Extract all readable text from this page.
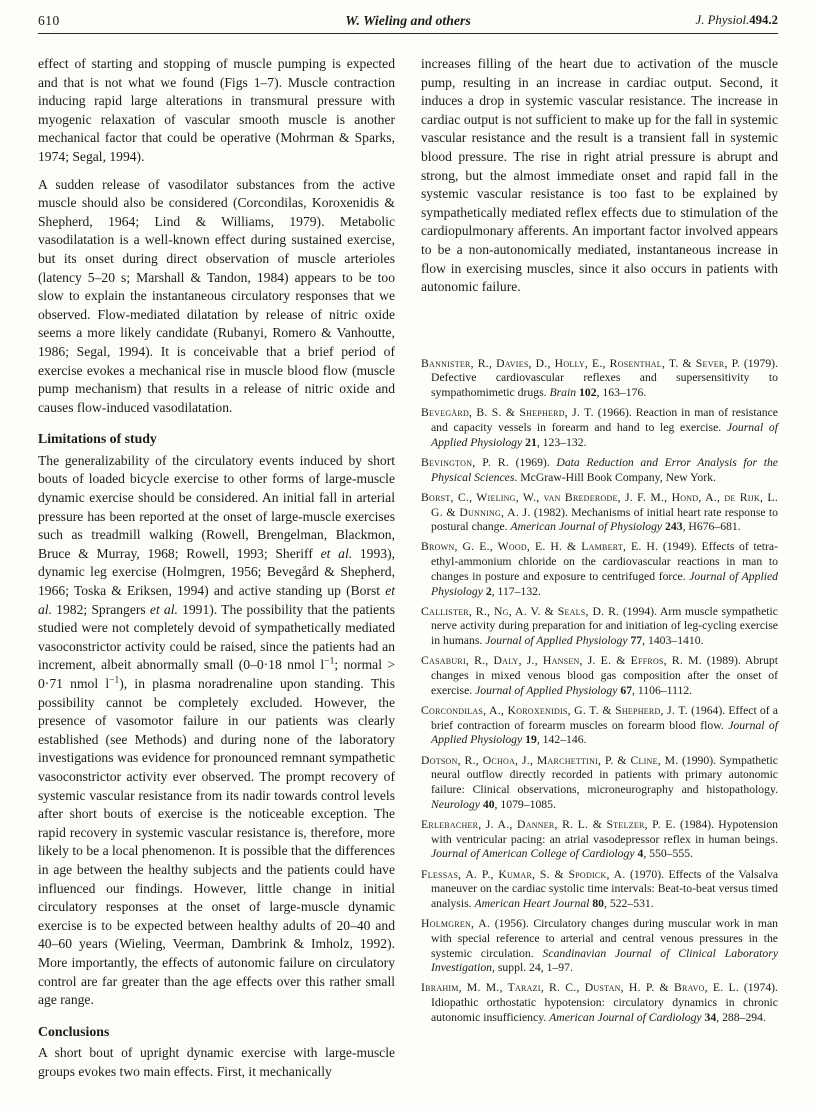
610	W. Wieling and others	J. Physiol.494.2

effect of starting and stopping of muscle pumping is expected and that is not what we found (Figs 1–7). Muscle contraction inducing rapid large alterations in transmural pressure with myogenic relaxation of vascular smooth muscle is another mechanical factor that could be operative (Mohrman & Sparks, 1974; Segal, 1994).

A sudden release of vasodilator substances from the active muscle should also be considered (Corcondilas, Koroxenidis & Shepherd, 1964; Lind & Williams, 1979). Metabolic vasodilatation is a well-known effect during sustained exercise, but its onset during direct observation of muscle arterioles (latency 5–20 s; Marshall & Tandon, 1984) appears to be too slow to explain the instantaneous circulatory responses that we observed. Flow-mediated dilatation by release of nitric oxide seems a more likely candidate (Rubanyi, Romero & Vanhoutte, 1986; Segal, 1994). It is conceivable that a brief period of exercise evokes a mechanical rise in muscle blood flow (muscle pump mechanism) that results in a release of nitric oxide and causes flow-induced vasodilatation.

Limitations of study

The generalizability of the circulatory events induced by short bouts of loaded bicycle exercise to other forms of large-muscle dynamic exercise should be considered. An initial fall in arterial pressure has been reported at the onset of large-muscle exercises such as treadmill walking (Rowell, Brengelman, Blackmon, Bruce & Murray, 1968; Rowell, 1993; Sheriff et al. 1993), dynamic leg exercise (Holmgren, 1956; Bevegård & Shepherd, 1966; Toska & Eriksen, 1994) and active standing up (Borst et al. 1982; Sprangers et al. 1991). The possibility that the patients studied were not completely devoid of sympathetically mediated vasoconstrictor activity could be raised, since the patients had an increment, albeit abnormally small (0–0·18 nmol $l^{-1}$; normal > 0·71 nmol $l^{-1}$), in plasma noradrenaline upon standing. This possibility cannot be completely excluded. However, the presence of vasomotor failure in our patients was clearly established (see Methods) and during none of the laboratory investigations was evidence for pronounced remnant sympathetic vasoconstrictor activity ever observed. The prompt recovery of systemic vascular resistance from its nadir towards control levels after short bouts of exercise is the noticeable exception. The rapid recovery in systemic vascular resistance is, therefore, more likely to be a local phenomenon. It is possible that the differences in age between the healthy subjects and the patients could have influenced our findings. However, little change in initial circulatory responses at the onset of large-muscle dynamic exercise is to be expected between healthy adults of 20–40 and 40–60 years (Wieling, Veerman, Dambrink & Imholz, 1992). More importantly, the effects of autonomic failure on circulatory control are far greater than the age effects over this rather small age range.

Conclusions

A short bout of upright dynamic exercise with large-muscle groups evokes two main effects. First, it mechanically

increases filling of the heart due to activation of the muscle pump, resulting in an increase in cardiac output. Second, it induces a drop in systemic vascular resistance. The increase in cardiac output is not sufficient to make up for the fall in systemic vascular resistance and the result is a transient fall in systemic blood pressure. The rise in right atrial pressure is abrupt and strong, but the almost immediate onset and rapid fall in the systemic vascular resistance is too fast to be explained by sympathetically mediated reflex effects due to stimulation of the cardiopulmonary afferents. An important factor involved appears to be a non-autonomically mediated, instantaneous increase in flow in exercising muscles, since it also occurs in patients with autonomic failure.

Bannister, R., Davies, D., Holly, E., Rosenthal, T. & Sever, P. (1979). Defective cardiovascular reflexes and supersensitivity to sympathomimetic drugs. Brain 102, 163–176.
Bevegård, B. S. & Shepherd, J. T. (1966). Reaction in man of resistance and capacity vessels in forearm and hand to leg exercise. Journal of Applied Physiology 21, 123–132.
Bevington, P. R. (1969). Data Reduction and Error Analysis for the Physical Sciences. McGraw-Hill Book Company, New York.
Borst, C., Wieling, W., van Brederode, J. F. M., Hond, A., de Rijk, L. G. & Dunning, A. J. (1982). Mechanisms of initial heart rate response to postural change. American Journal of Physiology 243, H676–681.
Brown, G. E., Wood, E. H. & Lambert, E. H. (1949). Effects of tetra-ethyl-ammonium chloride on the cardiovascular reactions in man to changes in posture and exposure to centrifuged force. Journal of Applied Physiology 2, 117–132.
Callister, R., Ng, A. V. & Seals, D. R. (1994). Arm muscle sympathetic nerve activity during preparation for and initiation of leg-cycling exercise in humans. Journal of Applied Physiology 77, 1403–1410.
Casaburi, R., Daly, J., Hansen, J. E. & Effros, R. M. (1989). Abrupt changes in mixed venous blood gas composition after the onset of exercise. Journal of Applied Physiology 67, 1106–1112.
Corcondilas, A., Koroxenidis, G. T. & Shepherd, J. T. (1964). Effect of a brief contraction of forearm muscles on forearm blood flow. Journal of Applied Physiology 19, 142–146.
Dotson, R., Ochoa, J., Marchettini, P. & Cline, M. (1990). Sympathetic neural outflow directly recorded in patients with primary autonomic failure: Clinical observations, microneurography and histopathology. Neurology 40, 1079–1085.
Erlebacher, J. A., Danner, R. L. & Stelzer, P. E. (1984). Hypotension with ventricular pacing: an atrial vasodepressor reflex in human beings. Journal of American College of Cardiology 4, 550–555.
Flessas, A. P., Kumar, S. & Spodick, A. (1970). Effects of the Valsalva maneuver on the cardiac systolic time intervals: Beat-to-beat versus timed analysis. American Heart Journal 80, 522–531.
Holmgren, A. (1956). Circulatory changes during muscular work in man with special reference to arterial and central venous pressures in the systemic circulation. Scandinavian Journal of Clinical Laboratory Investigation, suppl. 24, 1–97.
Ibrahim, M. M., Tarazi, R. C., Dustan, H. P. & Bravo, E. L. (1974). Idiopathic orthostatic hypotension: circulatory dynamics in chronic autonomic insufficiency. American Journal of Cardiology 34, 288–294.
